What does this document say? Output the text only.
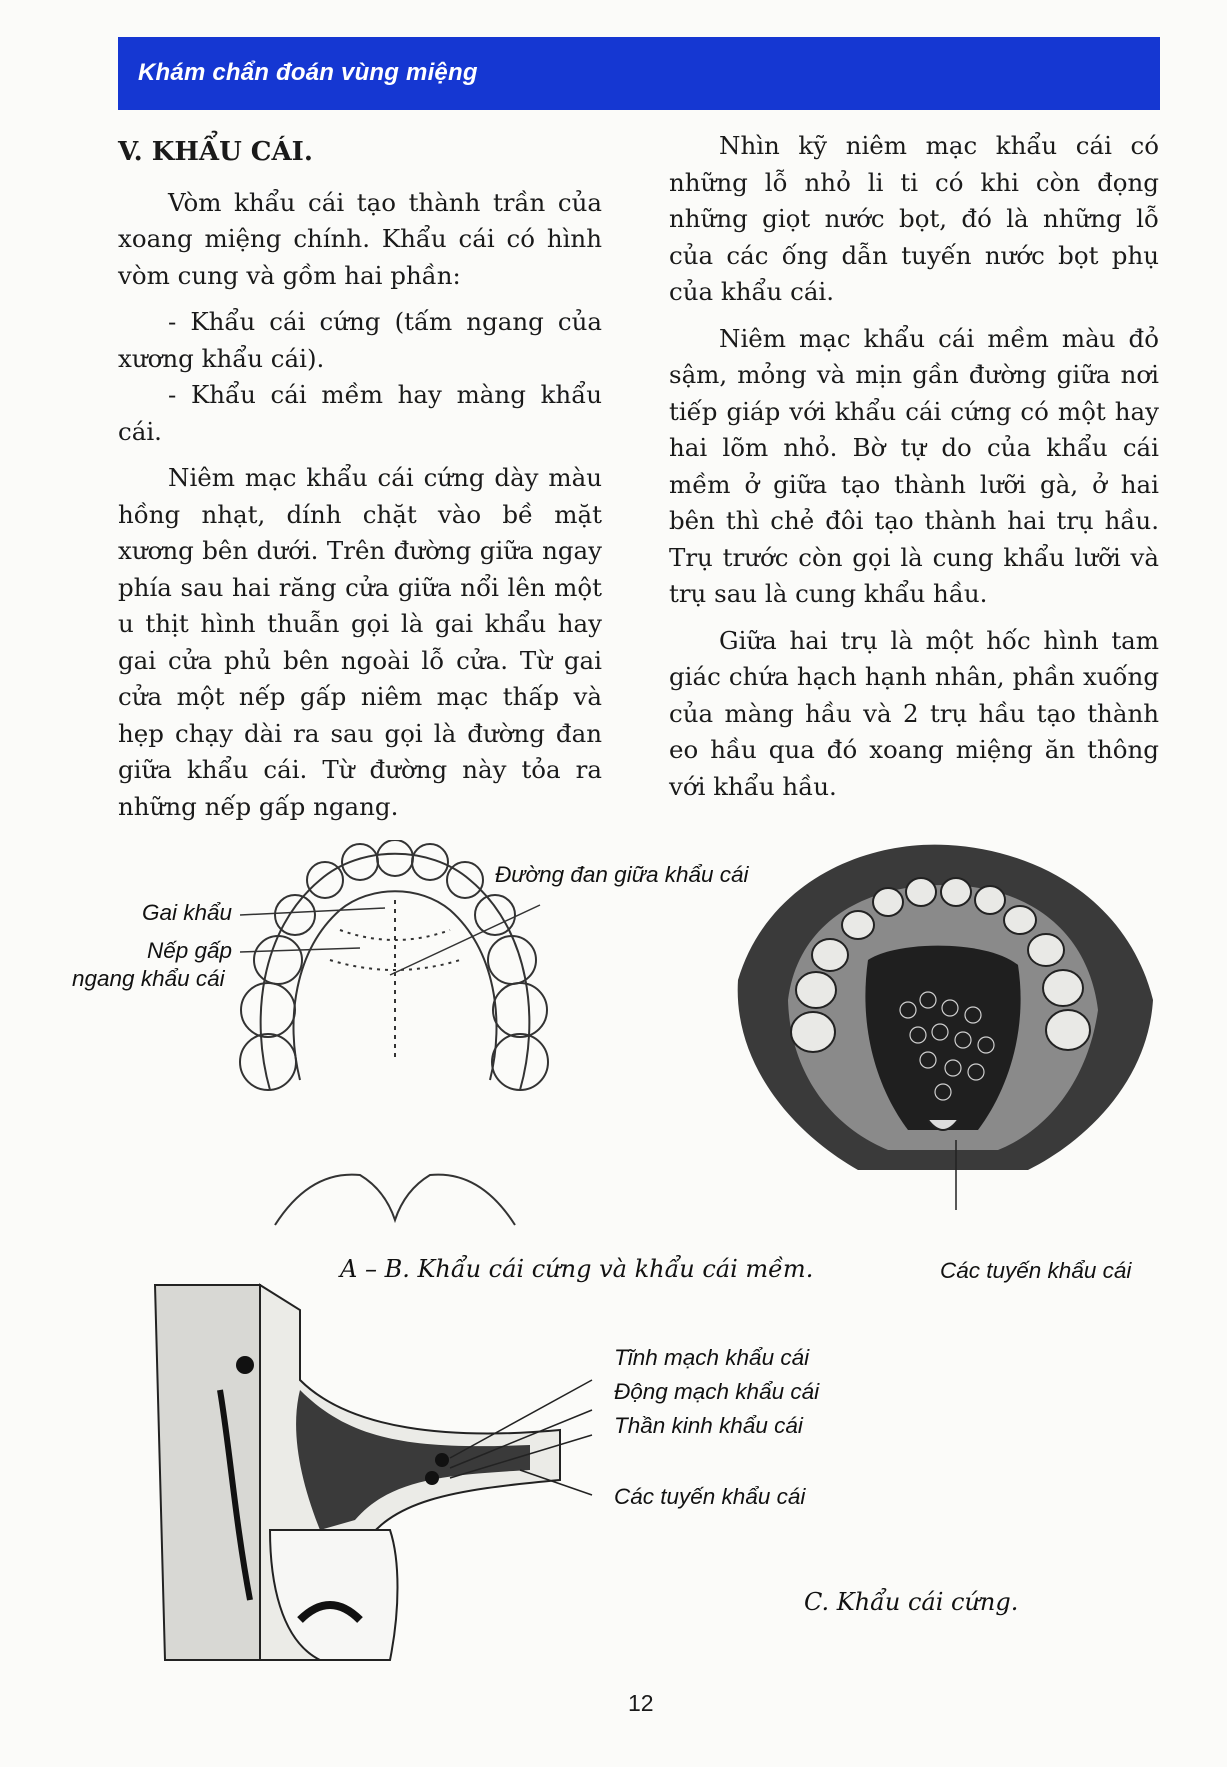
Khám chẩn đoán vùng miệng

V. KHẨU CÁI.

Vòm khẩu cái tạo thành trần của xoang miệng chính. Khẩu cái có hình vòm cung và gồm hai phần:

- Khẩu cái cứng (tấm ngang của xương khẩu cái).

- Khẩu cái mềm hay màng khẩu cái.

Niêm mạc khẩu cái cứng dày màu hồng nhạt, dính chặt vào bề mặt xương bên dưới. Trên đường giữa ngay phía sau hai răng cửa giữa nổi lên một u thịt hình thuẫn gọi là gai khẩu hay gai cửa phủ bên ngoài lỗ cửa. Từ gai cửa một nếp gấp niêm mạc thấp và hẹp chạy dài ra sau gọi là đường đan giữa khẩu cái. Từ đường này tỏa ra những nếp gấp ngang.

Nhìn kỹ niêm mạc khẩu cái có những lỗ nhỏ li ti có khi còn đọng những giọt nước bọt, đó là những lỗ của các ống dẫn tuyến nước bọt phụ của khẩu cái.

Niêm mạc khẩu cái mềm màu đỏ sậm, mỏng và mịn gần đường giữa nơi tiếp giáp với khẩu cái cứng có một hay hai lõm nhỏ. Bờ tự do của khẩu cái mềm ở giữa tạo thành lưỡi gà, ở hai bên thì chẻ đôi tạo thành hai trụ hầu. Trụ trước còn gọi là cung khẩu lưỡi và trụ sau là cung khẩu hầu.

Giữa hai trụ là một hốc hình tam giác chứa hạch hạnh nhân, phần xuống của màng hầu và 2 trụ hầu tạo thành eo hầu qua đó xoang miệng ăn thông với khẩu hầu.

Gai khẩu
Nếp gấp
ngang khẩu cái
Đường đan giữa khẩu cái
Các tuyến khẩu cái
A – B. Khẩu cái cứng và khẩu cái mềm.
Tĩnh mạch khẩu cái
Động mạch khẩu cái
Thần kinh khẩu cái
Các tuyến khẩu cái
C. Khẩu cái cứng.
12
